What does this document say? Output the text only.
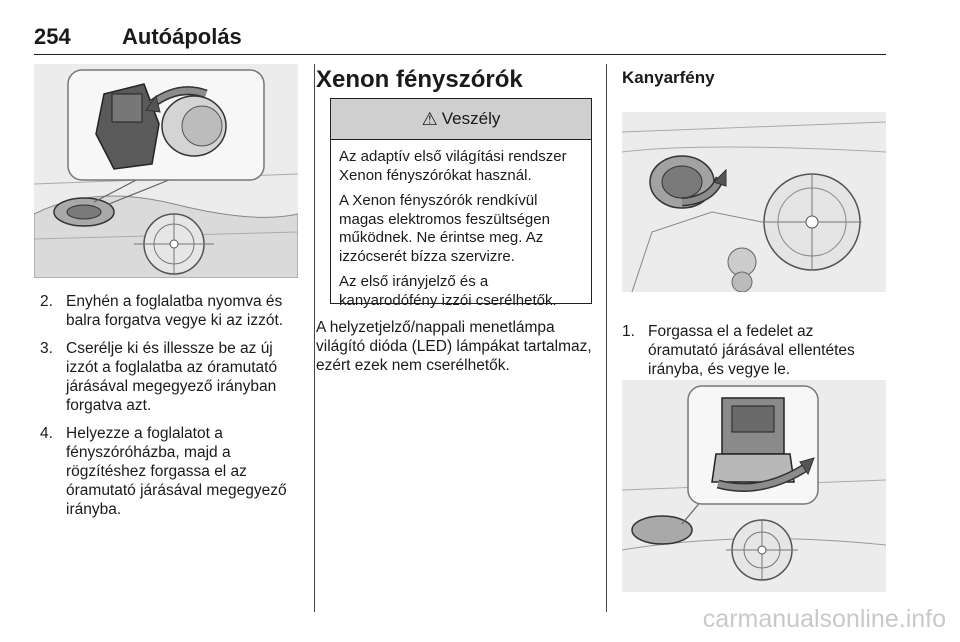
254 Autóápolás
2. Enyhén a foglalatba nyomva és balra forgatva vegye ki az izzót.
3. Cserélje ki és illessze be az új izzót a foglalatba az óramutató járásával megegyező irányban forgatva azt.
4. Helyezze a foglalatot a fényszóróházba, majd a rögzítéshez forgassa el az óramutató járásával megegyező irányba.
Xenon fényszórók
⚠ Veszély

Az adaptív első világítási rendszer Xenon fényszórókat használ.

A Xenon fényszórók rendkívül magas elektromos feszültségen működnek. Ne érintse meg. Az izzócserét bízza szervizre.

Az első irányjelző és a kanyarodófény izzói cserélhetők.

A helyzetjelző/nappali menetlámpa világító dióda (LED) lámpákat tartalmaz, ezért ezek nem cserélhetők.

Kanyarfény
1. Forgassa el a fedelet az óramutató járásával ellentétes irányba, és vegye le.
carmanualsonline.info
